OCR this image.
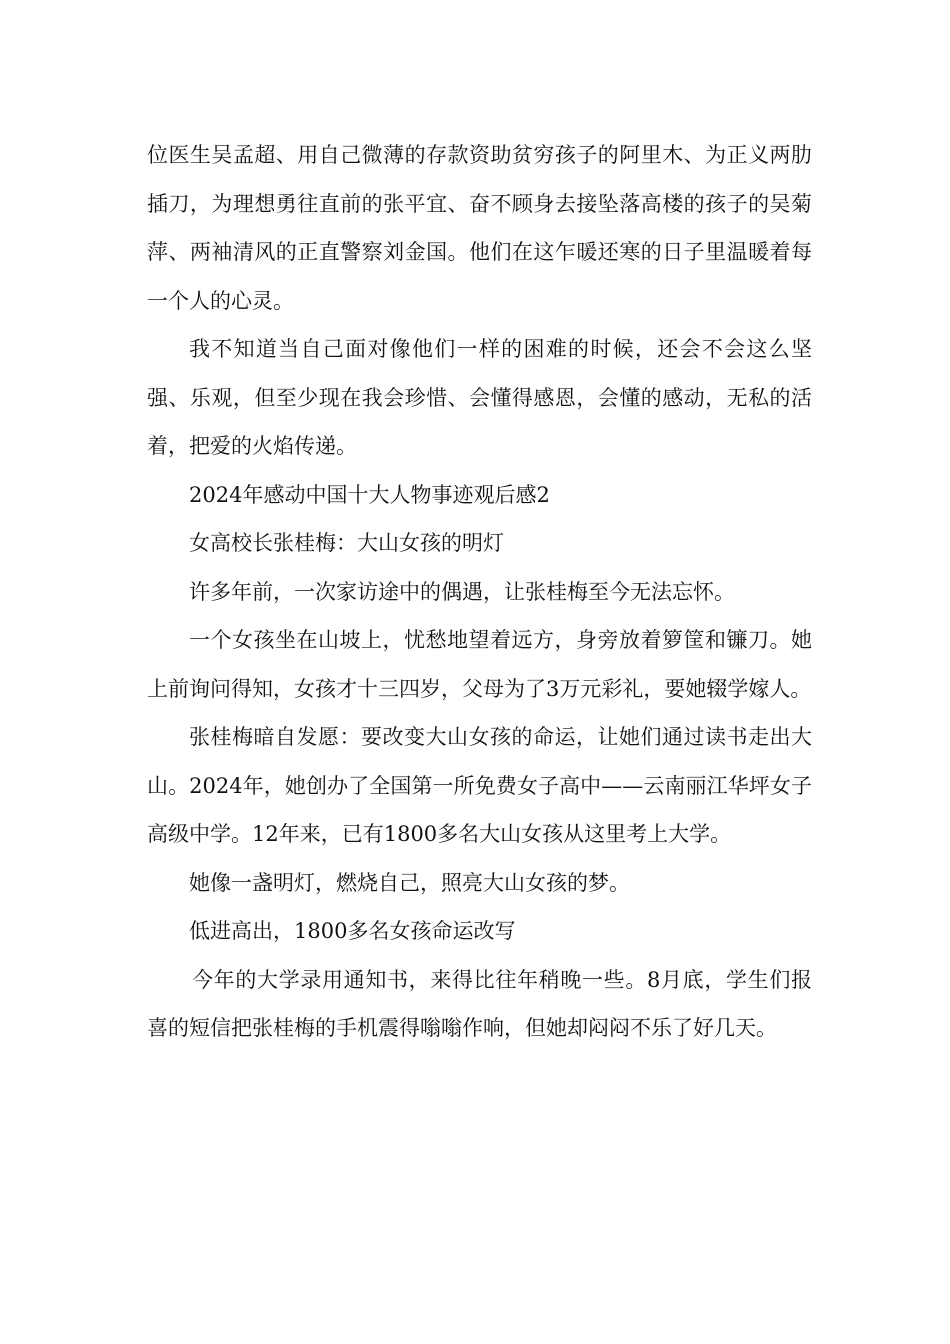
位医生吴孟超、用自己微薄的存款资助贫穷孩子的阿里木、为正义两肋插刀，为理想勇往直前的张平宜、奋不顾身去接坠落高楼的孩子的吴菊萍、两袖清风的正直警察刘金国。他们在这乍暖还寒的日子里温暖着每一个人的心灵。

我不知道当自己面对像他们一样的困难的时候，还会不会这么坚强、乐观，但至少现在我会珍惜、会懂得感恩，会懂的感动，无私的活着，把爱的火焰传递。

2024年感动中国十大人物事迹观后感2

女高校长张桂梅：大山女孩的明灯

许多年前，一次家访途中的偶遇，让张桂梅至今无法忘怀。

一个女孩坐在山坡上，忧愁地望着远方，身旁放着箩筐和镰刀。她上前询问得知，女孩才十三四岁，父母为了3万元彩礼，要她辍学嫁人。

张桂梅暗自发愿：要改变大山女孩的命运，让她们通过读书走出大山。2024年，她创办了全国第一所免费女子高中——云南丽江华坪女子高级中学。12年来，已有1800多名大山女孩从这里考上大学。

她像一盏明灯，燃烧自己，照亮大山女孩的梦。

低进高出，1800多名女孩命运改写

今年的大学录用通知书，来得比往年稍晚一些。8月底，学生们报喜的短信把张桂梅的手机震得嗡嗡作响，但她却闷闷不乐了好几天。
